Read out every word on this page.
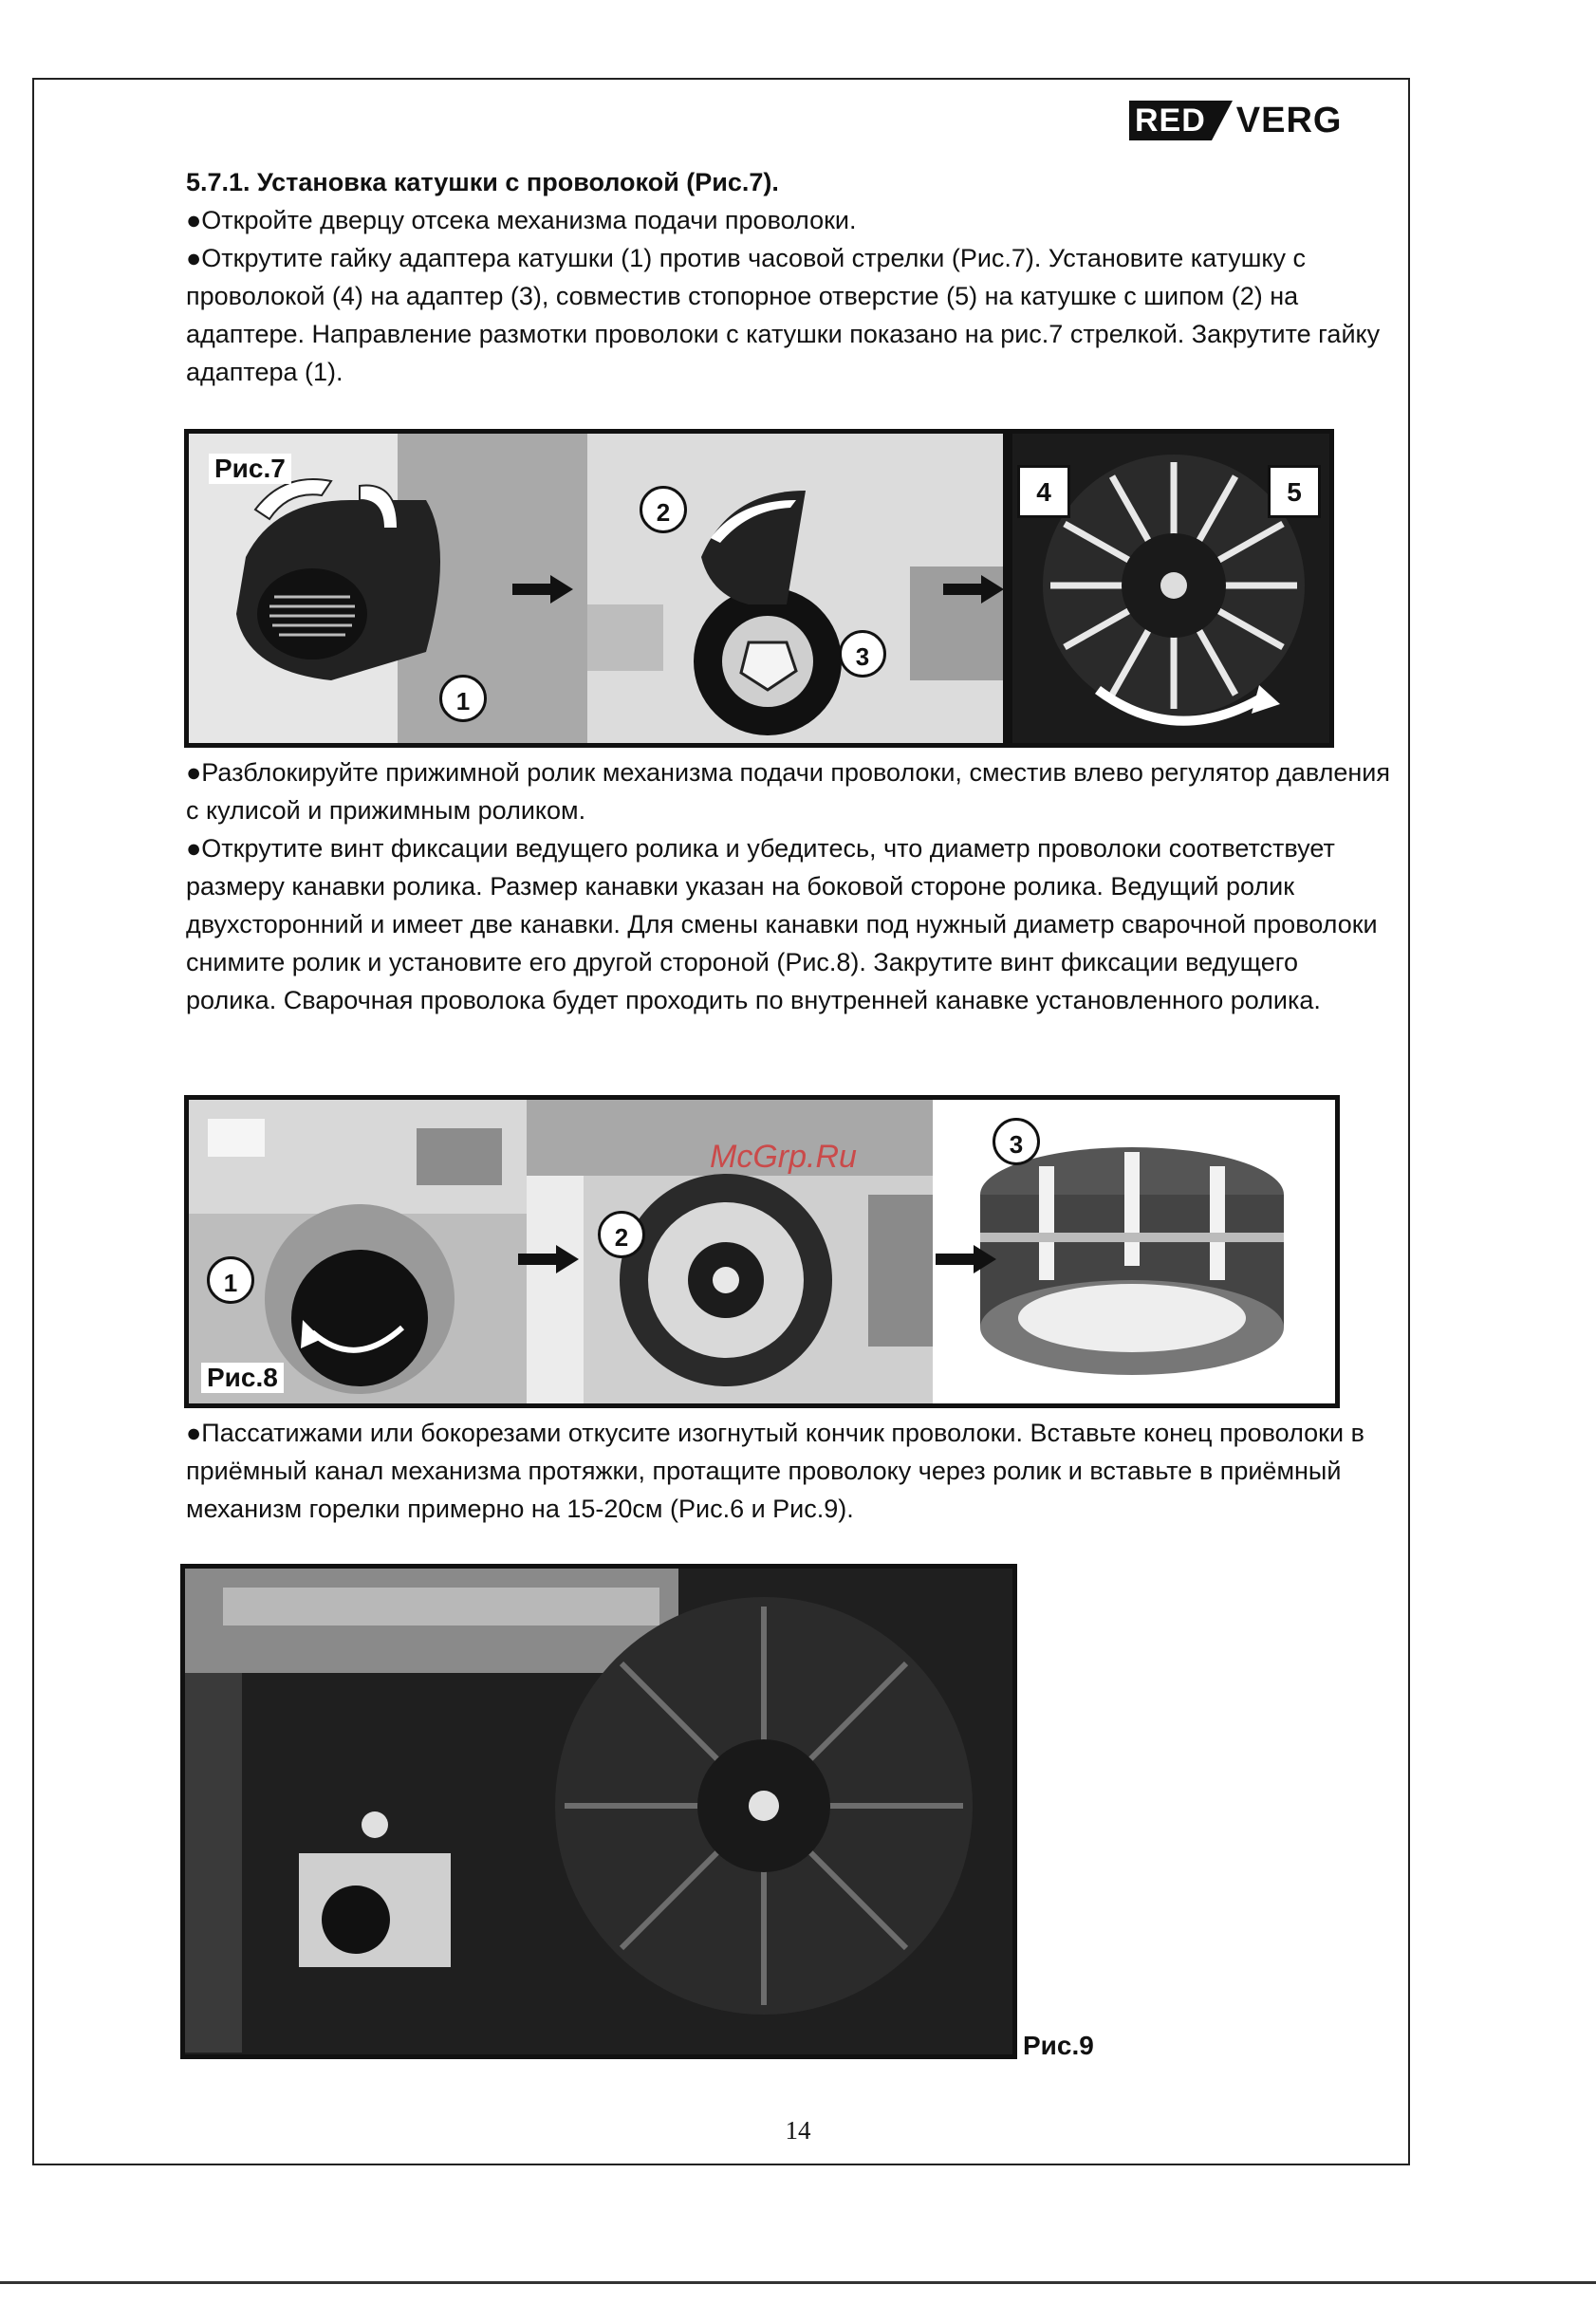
RED VERG

5.7.1. Установка катушки с проволокой (Рис.7).

●Откройте дверцу отсека механизма подачи проволоки.

●Открутите гайку адаптера катушки (1) против часовой стрелки (Рис.7). Установите катушку с проволокой (4) на адаптер (3), совместив стопорное отверстие (5) на катушке с шипом (2) на адаптере. Направление размотки проволоки с катушки показано на рис.7 стрелкой. Закрутите гайку адаптера (1).

Рис.7
1
2
3
4	5

●Разблокируйте прижимной ролик механизма подачи проволоки, сместив влево регулятор давления с кулисой и прижимным роликом.

●Открутите винт фиксации ведущего ролика и убедитесь, что диаметр проволоки соответствует размеру канавки ролика. Размер канавки указан на боковой стороне ролика. Ведущий ролик двухсторонний и имеет две канавки. Для смены канавки под нужный диаметр сварочной проволоки снимите ролик и установите его другой стороной (Рис.8). Закрутите винт фиксации ведущего ролика. Сварочная проволока будет проходить по внутренней канавке установленного ролика.

Рис.8
1
2
3
McGrp.Ru

●Пассатижами или бокорезами откусите изогнутый кончик проволоки. Вставьте конец проволоки в приёмный канал механизма протяжки, протащите проволоку через ролик и вставьте в приёмный механизм горелки примерно на 15-20см (Рис.6 и Рис.9).

Рис.9
14
